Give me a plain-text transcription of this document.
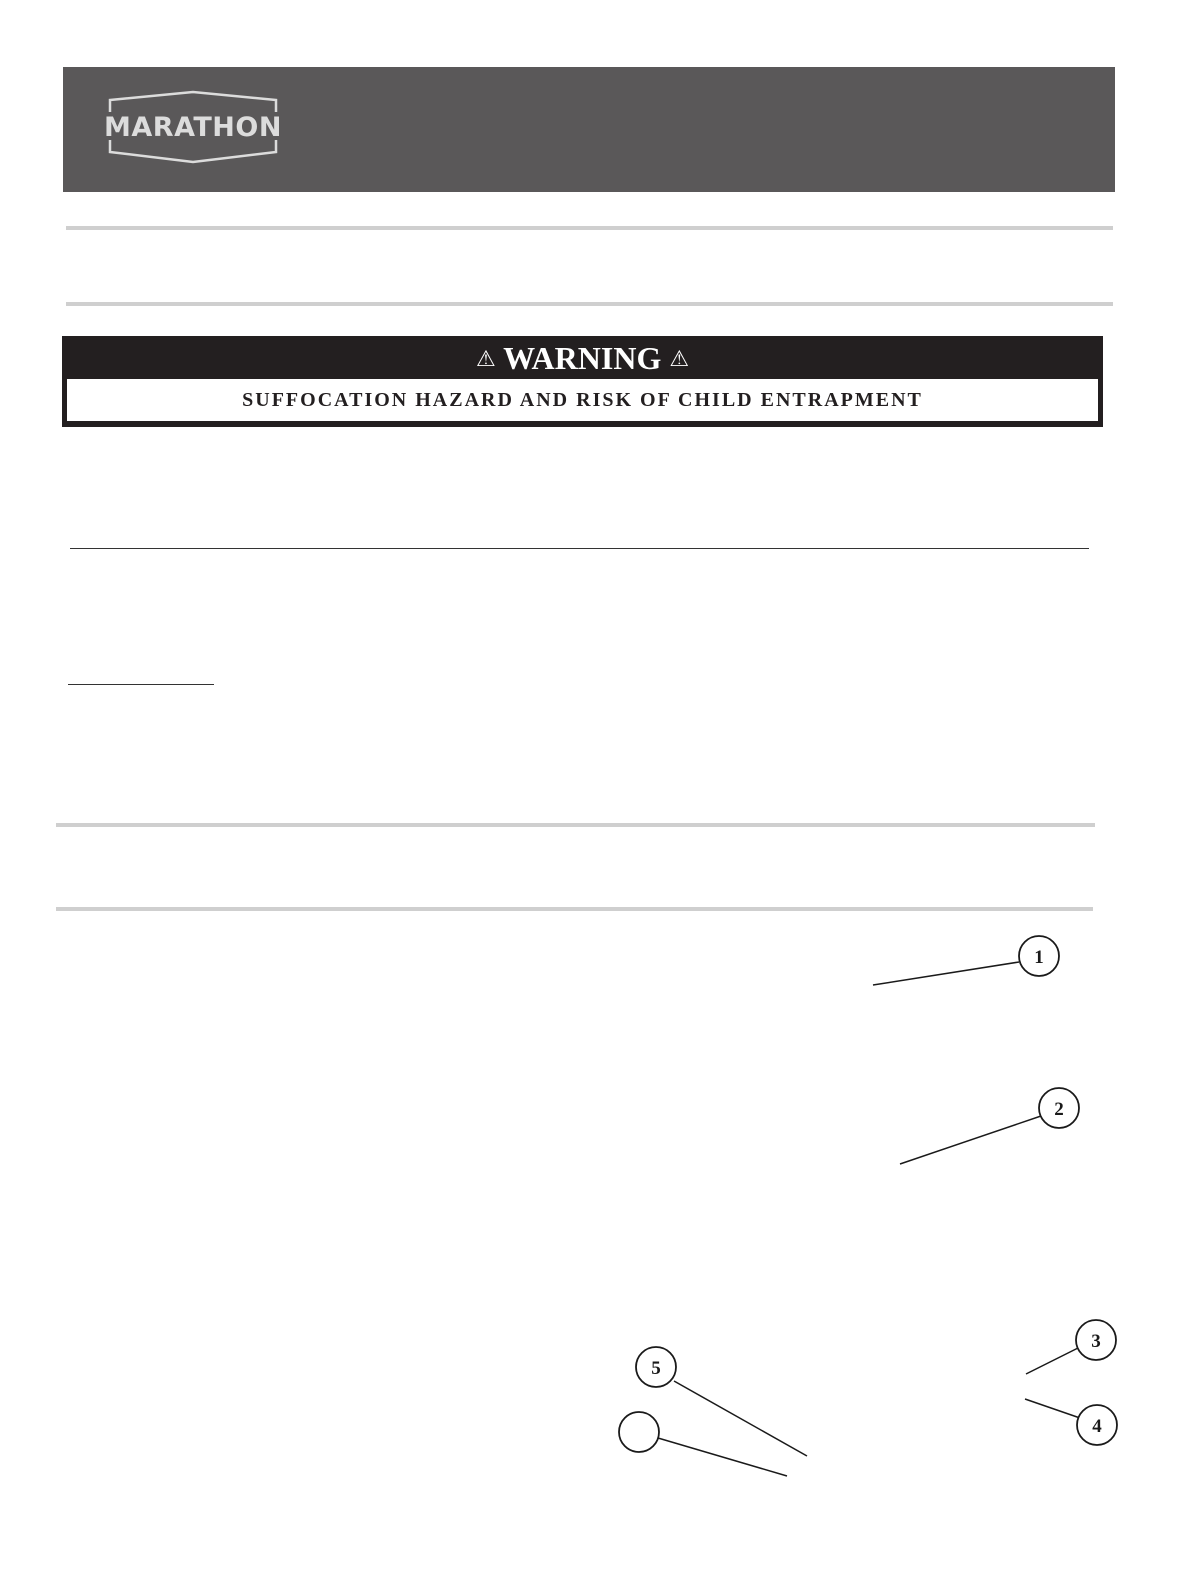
MARATHON
⚠ WARNING ⚠
SUFFOCATION HAZARD AND RISK OF CHILD ENTRAPMENT
1
2
3
4
5
